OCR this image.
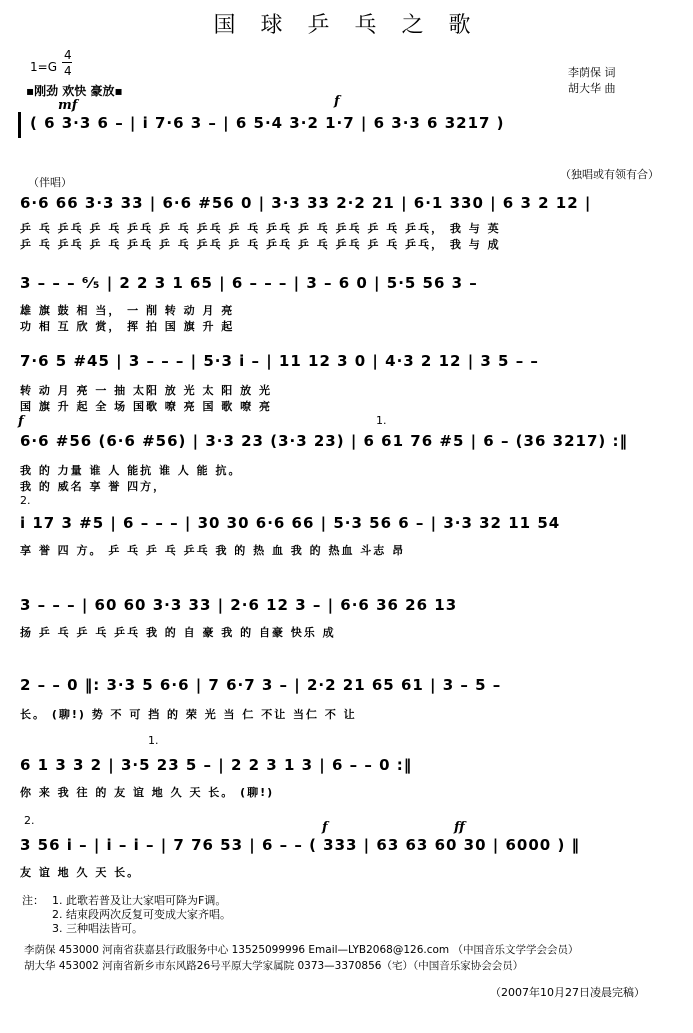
国 球 乒 乓 之 歌
1=G
4
4
▪刚劲 欢快 豪放▪
李荫保 词
胡大华 曲
mf	f
( 6 3·3 6 – | i 7·6 3 – | 6 5·4 3·2 1·7 | 6 3·3 6 3217 )
（伴唱）
（独唱或有领有合）
6·6 66 3·3 33 | 6·6 #56 0 | 3·3 33 2·2 21 | 6·1 330 | 6 3 2 12 |
乒 乓 乒乓 乒 乓 乒乓 乒 乓 乒乓 乒 乓 乒乓 乒 乓 乒乓 乒 乓 乒乓， 我 与 英
乒 乓 乒乓 乒 乓 乒乓 乒 乓 乒乓 乒 乓 乒乓 乒 乓 乒乓 乒 乓 乒乓， 我 与 成
3 – – – ⁶⁄₅ | 2 2 3 1 65 | 6 – – – | 3 – 6 0 | 5·5 56 3 –
雄 旗 鼓 相 当， 一 削 转 动 月 亮
功 相 互 欣 赏， 挥 拍 国 旗 升 起
7·6 5 #45 | 3 – – – | 5·3 i – | 11 12 3 0 | 4·3 2 12 | 3 5 – –
转 动 月 亮 一 抽 太阳 放 光 太 阳 放 光
国 旗 升 起 全 场 国歌 嘹 亮 国 歌 嘹 亮
f	1.
6·6 #56 (6·6 #56) | 3·3 23 (3·3 23) | 6 61 76 #5 | 6 – (36 3217) :‖
我 的 力量 谁 人 能抗 谁 人 能 抗。
我 的 威名 享 誉 四方，
2.
i 17 3 #5 | 6 – – – | 30 30 6·6 66 | 5·3 56 6 – | 3·3 32 11 54
享 誉 四 方。 乒 乓 乒 乓 乒乓 我 的 热 血 我 的 热血 斗志 昂
3 – – – | 60 60 3·3 33 | 2·6 12 3 – | 6·6 36 26 13
扬 乒 乓 乒 乓 乒乓 我 的 自 豪 我 的 自豪 快乐 成
2 – – 0 ‖: 3·3 5 6·6 | 7 6·7 3 – | 2·2 21 65 61 | 3 – 5 –
长。 (聊!) 势 不 可 挡 的 荣 光 当 仁 不让 当仁 不 让
1.
6 1 3 3 2 | 3·5 23 5 – | 2 2 3 1 3 | 6 – – 0 :‖
你 来 我 往 的 友 谊 地 久 天 长。 (聊!)
2.	f	ff
3 56 i – | i – i – | 7 76 53 | 6 – – ( 333 | 63 63 60 30 | 6000 ) ‖
友 谊 地 久 天 长。
注： 1. 此歌若普及让大家唱可降为F调。
2. 结束段两次反复可变成大家齐唱。
3. 三种唱法皆可。
李荫保 453000 河南省获嘉县行政服务中心 13525099996 Email—LYB2068@126.com （中国音乐文学学会会员）
胡大华 453002 河南省新乡市东风路26号平原大学家属院 0373—3370856（宅）（中国音乐家协会会员）
（2007年10月27日凌晨完稿）
